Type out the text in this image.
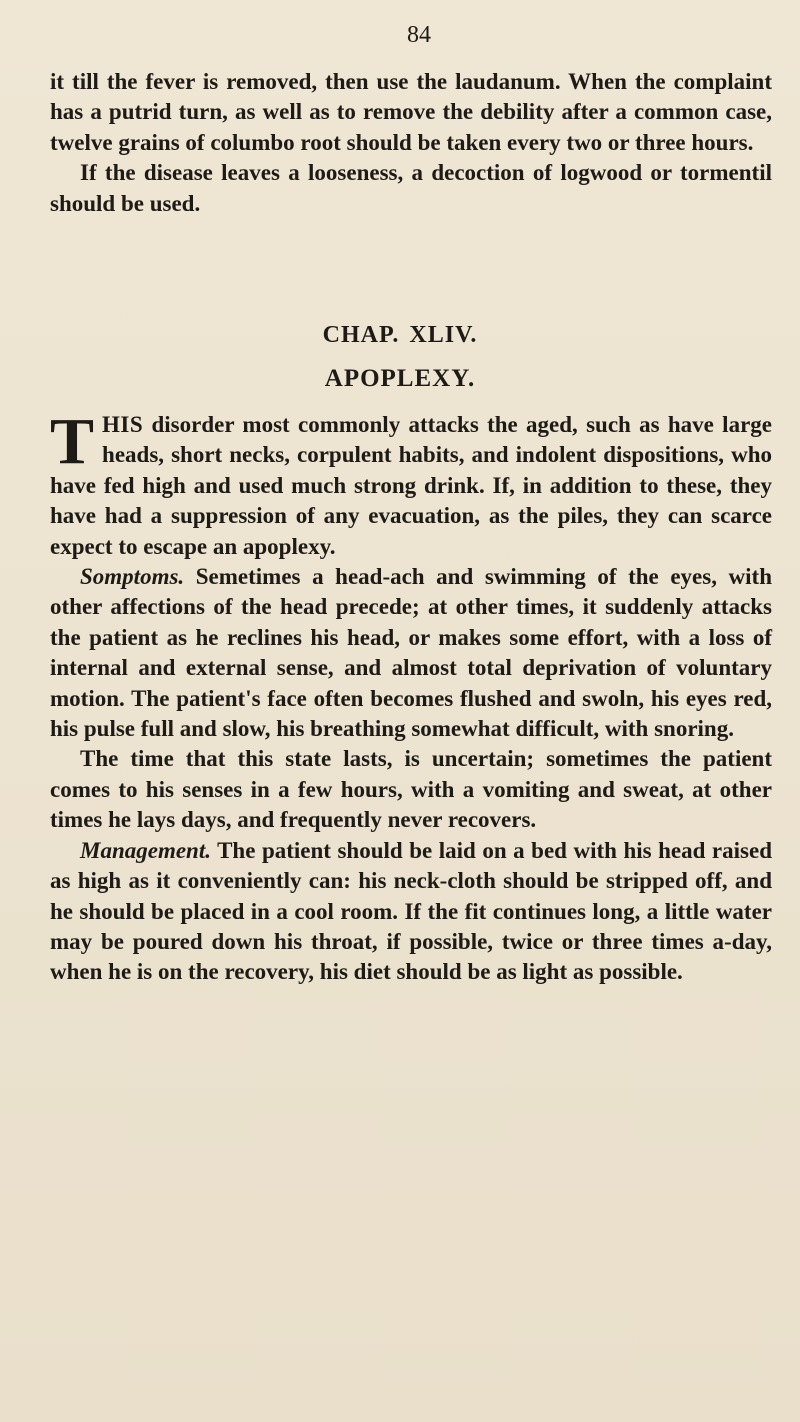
84

it till the fever is removed, then use the laudanum. When the complaint has a putrid turn, as well as to remove the debility after a common case, twelve grains of columbo root should be taken every two or three hours.

If the disease leaves a looseness, a decoction of logwood or tormentil should be used.

CHAP. XLIV.
APOPLEXY.

THIS disorder most commonly attacks the aged, such as have large heads, short necks, corpulent habits, and indolent dispositions, who have fed high and used much strong drink. If, in addition to these, they have had a suppression of any evacuation, as the piles, they can scarce expect to escape an apoplexy.

Somptoms. Semetimes a head-ach and swimming of the eyes, with other affections of the head precede; at other times, it suddenly attacks the patient as he reclines his head, or makes some effort, with a loss of internal and external sense, and almost total deprivation of voluntary motion. The patient's face often becomes flushed and swoln, his eyes red, his pulse full and slow, his breathing somewhat difficult, with snoring.

The time that this state lasts, is uncertain; sometimes the patient comes to his senses in a few hours, with a vomiting and sweat, at other times he lays days, and frequently never recovers.

Management. The patient should be laid on a bed with his head raised as high as it conveniently can: his neck-cloth should be stripped off, and he should be placed in a cool room. If the fit continues long, a little water may be poured down his throat, if possible, twice or three times a-day, when he is on the recovery, his diet should be as light as possible.
